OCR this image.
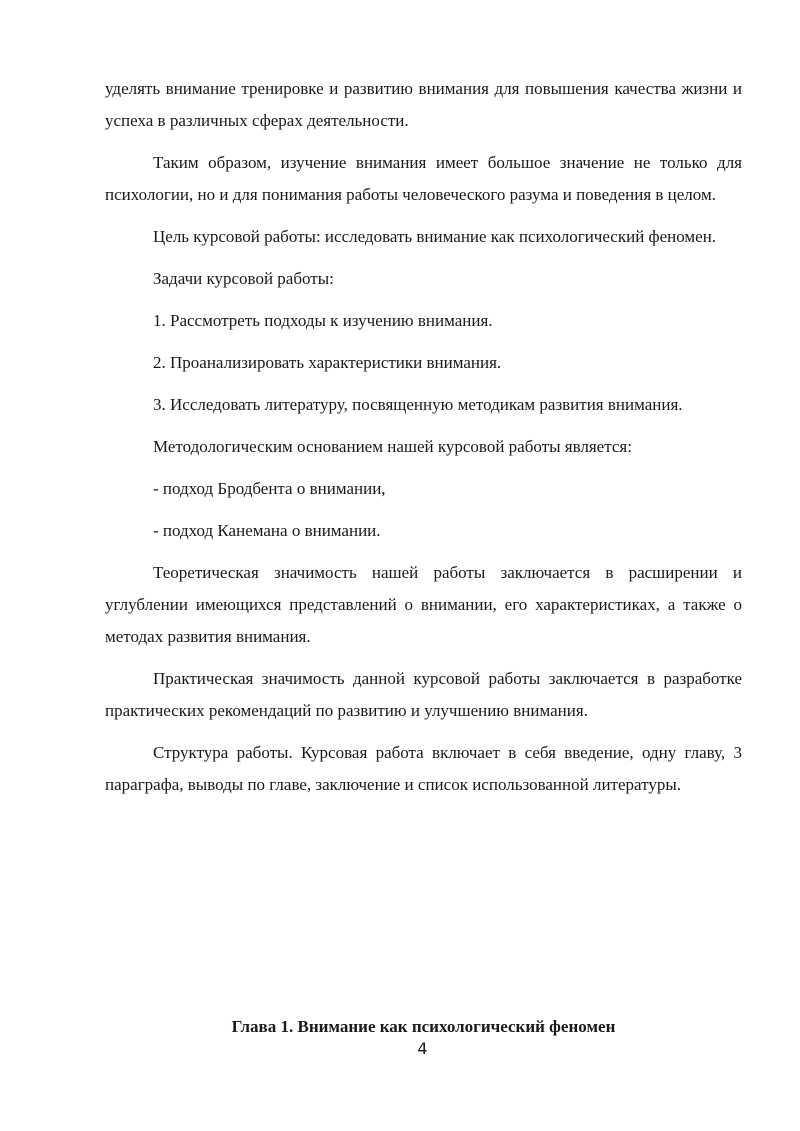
уделять внимание тренировке и развитию внимания для повышения качества жизни и успеха в различных сферах деятельности.

Таким образом, изучение внимания имеет большое значение не только для психологии, но и для понимания работы человеческого разума и поведения в целом.

Цель курсовой работы: исследовать внимание как психологический феномен.

Задачи курсовой работы:

1. Рассмотреть подходы к изучению внимания.

2. Проанализировать характеристики внимания.

3. Исследовать литературу, посвященную методикам развития внимания.

Методологическим основанием нашей курсовой работы является:

- подход Бродбента о внимании,

- подход Канемана о внимании.

Теоретическая значимость нашей работы заключается в расширении и углублении имеющихся представлений о внимании, его характеристиках, а также о методах развития внимания.

Практическая значимость данной курсовой работы заключается в разработке практических рекомендаций по развитию и улучшению внимания.

Структура работы. Курсовая работа включает в себя введение, одну главу, 3 параграфа, выводы по главе, заключение и список использованной литературы.

Глава 1. Внимание как психологический феномен

4
